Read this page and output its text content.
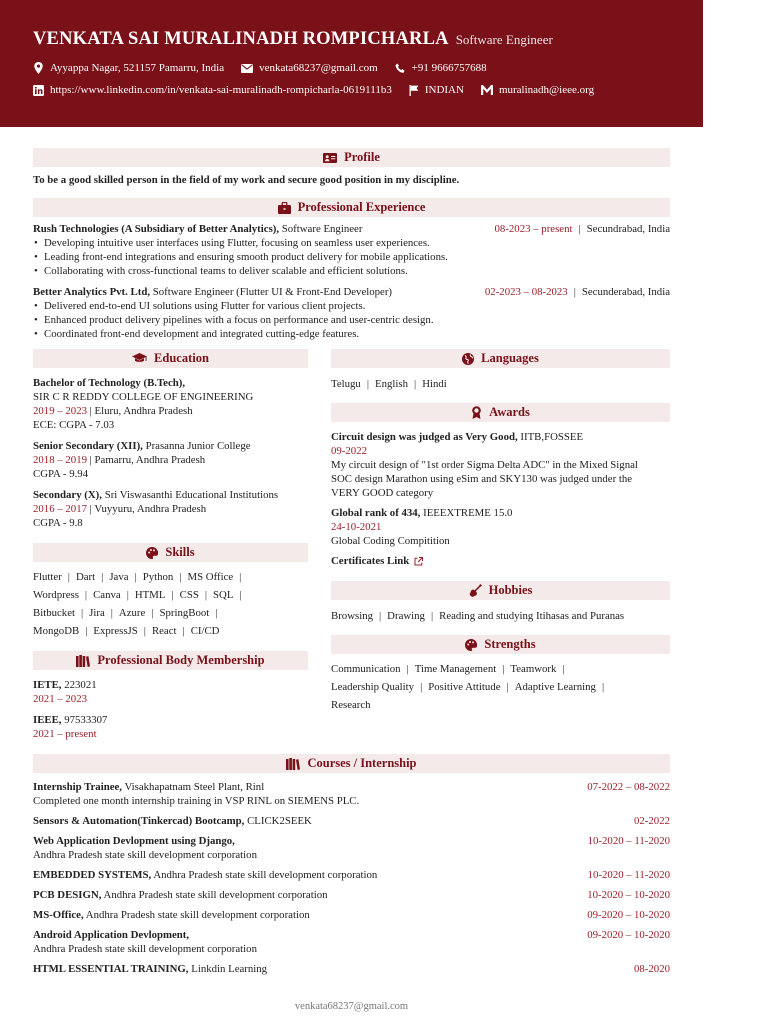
VENKATA SAI MURALINADH ROMPICHARLA Software Engineer
Ayyappa Nagar, 521157 Pamarru, India	venkata68237@gmail.com	+91 9666757688
https://www.linkedin.com/in/venkata-sai-muralinadh-rompicharla-0619111b3	INDIAN	muralinadh@ieee.org
Profile
To be a good skilled person in the field of my work and secure good position in my discipline.
Professional Experience
Rush Technologies (A Subsidiary of Better Analytics), Software Engineer	08-2023 – present | Secundrabad, India
• Developing intuitive user interfaces using Flutter, focusing on seamless user experiences.
• Leading front-end integrations and ensuring smooth product delivery for mobile applications.
• Collaborating with cross-functional teams to deliver scalable and efficient solutions.
Better Analytics Pvt. Ltd, Software Engineer (Flutter UI & Front-End Developer)	02-2023 – 08-2023 | Secunderabad, India
• Delivered end-to-end UI solutions using Flutter for various client projects.
• Enhanced product delivery pipelines with a focus on performance and user-centric design.
• Coordinated front-end development and integrated cutting-edge features.
Education
Bachelor of Technology (B.Tech),
SIR C R REDDY COLLEGE OF ENGINEERING
2019 – 2023 | Eluru, Andhra Pradesh
ECE: CGPA - 7.03
Senior Secondary (XII), Prasanna Junior College
2018 – 2019 | Pamarru, Andhra Pradesh
CGPA - 9.94
Secondary (X), Sri Viswasanthi Educational Institutions
2016 – 2017 | Vuyyuru, Andhra Pradesh
CGPA - 9.8
Skills
Flutter | Dart | Java | Python | MS Office |
Wordpress | Canva | HTML | CSS | SQL |
Bitbucket | Jira | Azure | SpringBoot |
MongoDB | ExpressJS | React | CI/CD
Professional Body Membership
IETE, 223021
2021 – 2023
IEEE, 97533307
2021 – present
Languages
Telugu | English | Hindi
Awards
Circuit design was judged as Very Good, IITB,FOSSEE
09-2022
My circuit design of "1st order Sigma Delta ADC" in the Mixed Signal
SOC design Marathon using eSim and SKY130 was judged under the
VERY GOOD category
Global rank of 434, IEEEXTREME 15.0
24-10-2021
Global Coding Compitition
Certificates Link
Hobbies
Browsing | Drawing | Reading and studying Itihasas and Puranas
Strengths
Communication | Time Management | Teamwork |
Leadership Quality | Positive Attitude | Adaptive Learning |
Research
Courses / Internship
Internship Trainee, Visakhapatnam Steel Plant, Rinl	07-2022 – 08-2022
Completed one month internship training in VSP RINL on SIEMENS PLC.
Sensors & Automation(Tinkercad) Bootcamp, CLICK2SEEK	02-2022
Web Application Devlopment using Django,	10-2020 – 11-2020
Andhra Pradesh state skill development corporation
EMBEDDED SYSTEMS, Andhra Pradesh state skill development corporation	10-2020 – 11-2020
PCB DESIGN, Andhra Pradesh state skill development corporation	10-2020 – 10-2020
MS-Office, Andhra Pradesh state skill development corporation	09-2020 – 10-2020
Android Application Devlopment,	09-2020 – 10-2020
Andhra Pradesh state skill development corporation
HTML ESSENTIAL TRAINING, Linkdin Learning	08-2020
venkata68237@gmail.com
